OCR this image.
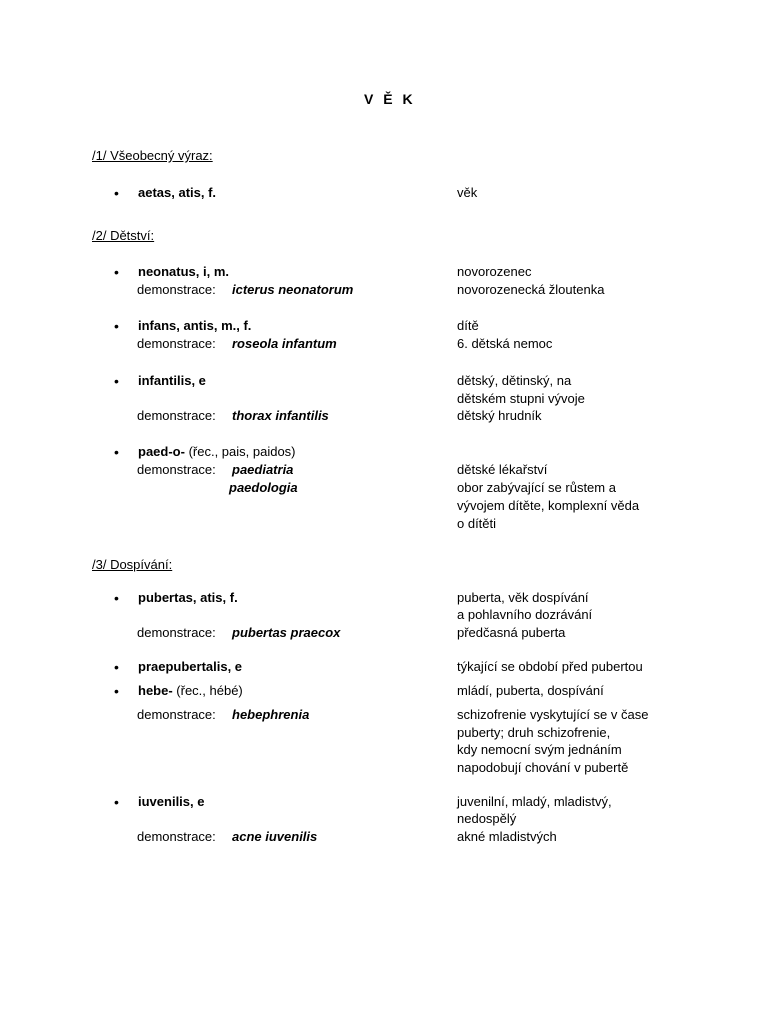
V Ě K
/1/ Všeobecný výraz:
• aetas, atis, f.	věk
/2/ Dětství:
• neonatus, i, m.	novorozenec
demonstrace: icterus neonatorum	novorozenecká žloutenka
• infans, antis, m., f.	dítě
demonstrace: roseola infantum	6. dětská nemoc
• infantilis, e	dětský, dětinský, na
dětském stupni vývoje
demonstrace: thorax infantilis	dětský hrudník
• paed-o- (řec., pais, paidos)
demonstrace: paediatria	dětské lékařství
paedologia	obor zabývající se růstem a
vývojem dítěte, komplexní věda
o dítěti
/3/ Dospívání:
• pubertas, atis, f.	puberta, věk dospívání
a pohlavního dozrávání
demonstrace: pubertas praecox	předčasná puberta
• praepubertalis, e	týkající se období před pubertou
• hebe- (řec., hébé)	mládí, puberta, dospívání
demonstrace: hebephrenia	schizofrenie vyskytující se v čase
puberty; druh schizofrenie,
kdy nemocní svým jednáním
napodobují chování v pubertě
• iuvenilis, e	juvenilní, mladý, mladistvý,
nedospělý
demonstrace: acne iuvenilis	akné mladistvých
